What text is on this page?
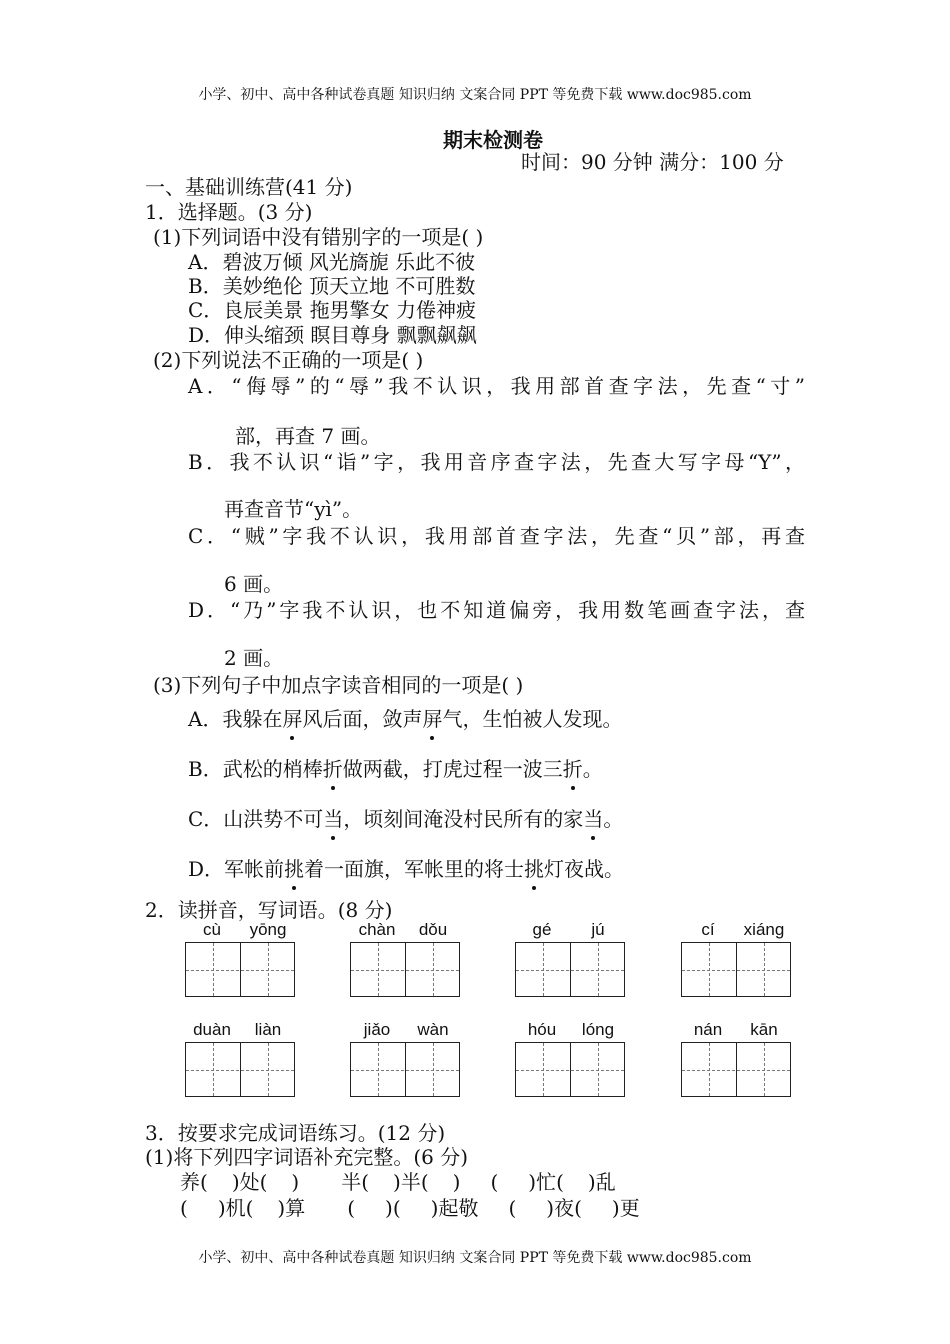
小学、初中、高中各种试卷真题 知识归纳 文案合同 PPT 等免费下载 www.doc985.com
期末检测卷
时间：90 分钟 满分：100 分
一、基础训练营(41 分)
1．选择题。(3 分)
(1)下列词语中没有错别字的一项是( )
A．碧波万倾 风光旖旎 乐此不彼
B．美妙绝伦 顶天立地 不可胜数
C．良辰美景 拖男擎女 力倦神疲
D．伸头缩颈 瞑目尊身 飘飘飙飙
(2)下列说法不正确的一项是( )
A．“侮辱”的“辱”我不认识，我用部首查字法，先查“寸”
部，再查 7 画。
B．我不认识“诣”字，我用音序查字法，先查大写字母“Y”，
再查音节“yì”。
C．“贼”字我不认识，我用部首查字法，先查“贝”部，再查
6 画。
D．“乃”字我不认识，也不知道偏旁，我用数笔画查字法，查
2 画。
(3)下列句子中加点字读音相同的一项是( )
A．我躲在屏风后面，敛声屏气，生怕被人发现。
B．武松的梢棒折做两截，打虎过程一波三折。
C．山洪势不可当，顷刻间淹没村民所有的家当。
D．军帐前挑着一面旗，军帐里的将士挑灯夜战。
2．读拼音，写词语。(8 分)
cù	yōng	chàn	dǒu	gé	jú	cí	xiáng
duàn	liàn	jiǎo	wàn	hóu	lóng	nán	kān
3．按要求完成词语练习。(12 分)
(1)将下列四字词语补充完整。(6 分)
养( )处( ) 半( )半( ) ( )忙( )乱
( )机( )算 ( )( )起敬 ( )夜( )更
小学、初中、高中各种试卷真题 知识归纳 文案合同 PPT 等免费下载 www.doc985.com
